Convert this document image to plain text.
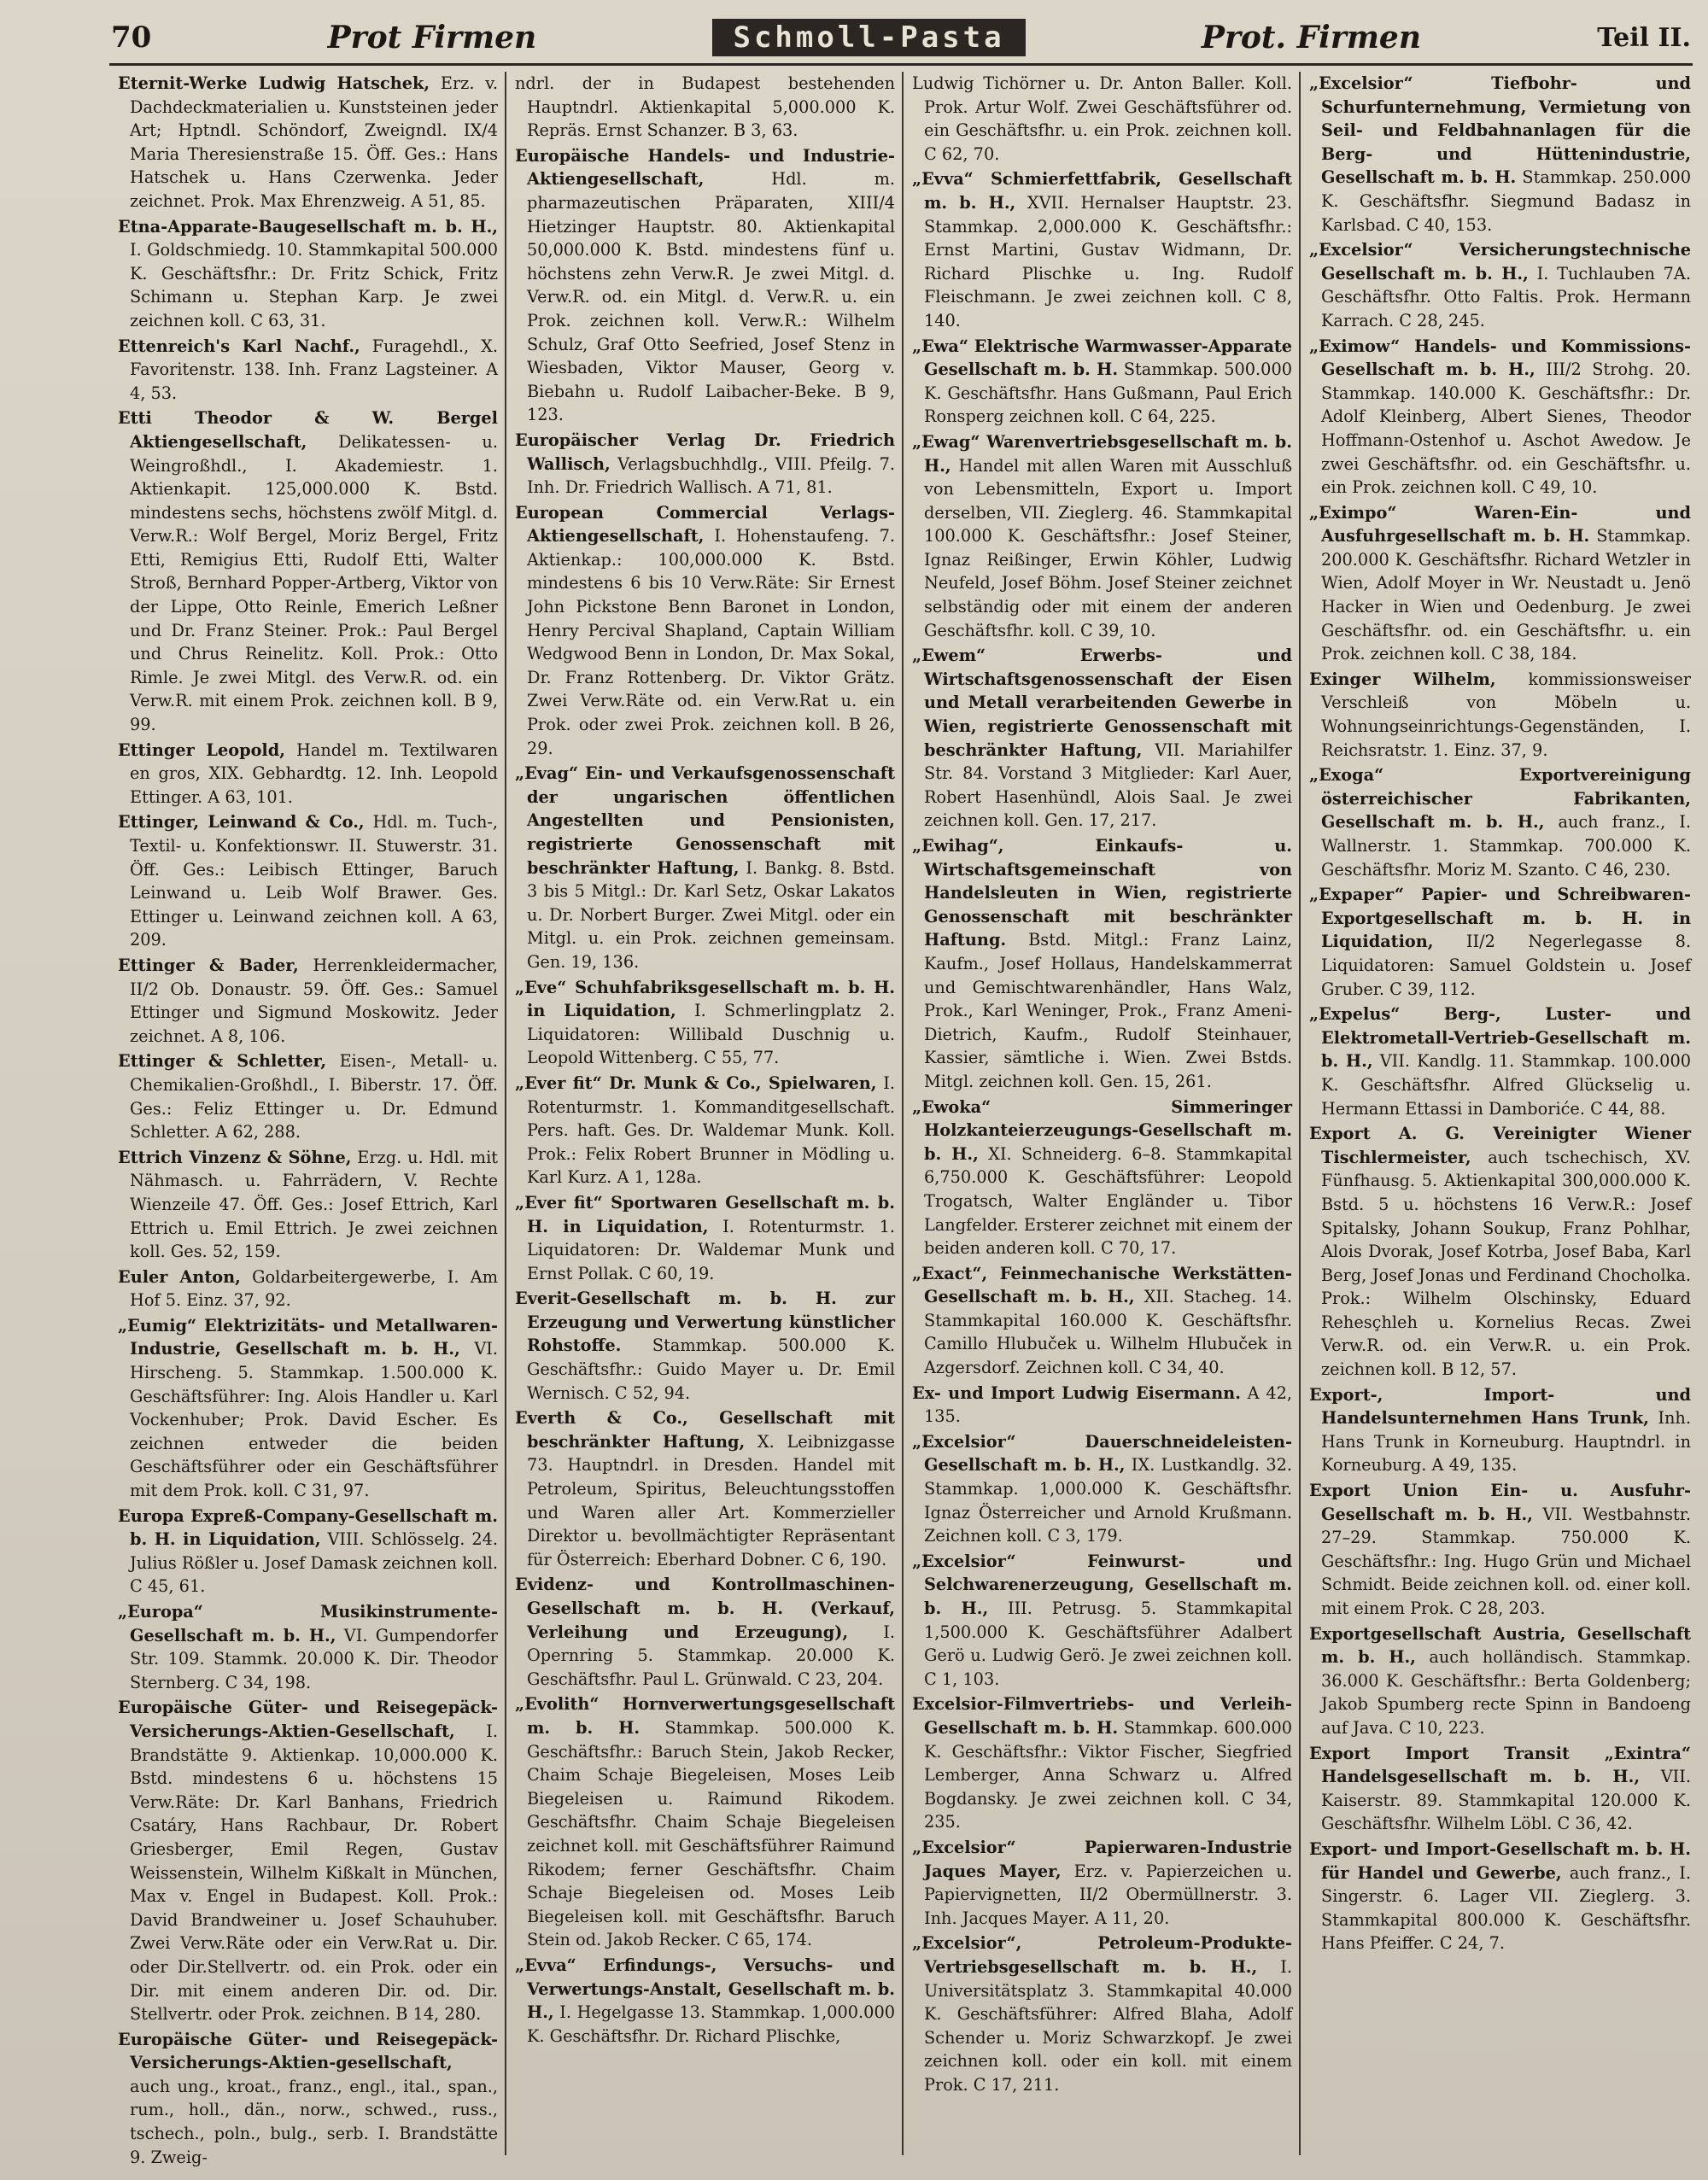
70	Prot Firmen	Schmoll-Pasta	Prot. Firmen	Teil II.

Eternit-Werke Ludwig Hatschek, Erz. v. Dachdeckmaterialien u. Kunststeinen jeder Art; Hptndl. Schöndorf, Zweigndl. IX/4 Maria Theresienstraße 15. Öff. Ges.: Hans Hatschek u. Hans Czerwenka. Jeder zeichnet. Prok. Max Ehrenzweig. A 51, 85.

Etna-Apparate-Baugesellschaft m. b. H., I. Goldschmiedg. 10. Stammkapital 500.000 K. Geschäftsfhr.: Dr. Fritz Schick, Fritz Schimann u. Stephan Karp. Je zwei zeichnen koll. C 63, 31.

Ettenreich's Karl Nachf., Furagehdl., X. Favoritenstr. 138. Inh. Franz Lagsteiner. A 4, 53.

Etti Theodor & W. Bergel Aktiengesellschaft, Delikatessen- u. Weingroßhdl., I. Akademiestr. 1. Aktienkapit. 125,000.000 K. Bstd. mindestens sechs, höchstens zwölf Mitgl. d. Verw.R.: Wolf Bergel, Moriz Bergel, Fritz Etti, Remigius Etti, Rudolf Etti, Walter Stroß, Bernhard Popper-Artberg, Viktor von der Lippe, Otto Reinle, Emerich Leßner und Dr. Franz Steiner. Prok.: Paul Bergel und Chrus Reinelitz. Koll. Prok.: Otto Rimle. Je zwei Mitgl. des Verw.R. od. ein Verw.R. mit einem Prok. zeichnen koll. B 9, 99.

Ettinger Leopold, Handel m. Textilwaren en gros, XIX. Gebhardtg. 12. Inh. Leopold Ettinger. A 63, 101.

Ettinger, Leinwand & Co., Hdl. m. Tuch-, Textil- u. Konfektionswr. II. Stuwerstr. 31. Öff. Ges.: Leibisch Ettinger, Baruch Leinwand u. Leib Wolf Brawer. Ges. Ettinger u. Leinwand zeichnen koll. A 63, 209.

Ettinger & Bader, Herrenkleidermacher, II/2 Ob. Donaustr. 59. Öff. Ges.: Samuel Ettinger und Sigmund Moskowitz. Jeder zeichnet. A 8, 106.

Ettinger & Schletter, Eisen-, Metall- u. Chemikalien-Großhdl., I. Biberstr. 17. Öff. Ges.: Feliz Ettinger u. Dr. Edmund Schletter. A 62, 288.

Ettrich Vinzenz & Söhne, Erzg. u. Hdl. mit Nähmasch. u. Fahrrädern, V. Rechte Wienzeile 47. Öff. Ges.: Josef Ettrich, Karl Ettrich u. Emil Ettrich. Je zwei zeichnen koll. Ges. 52, 159.

Euler Anton, Goldarbeitergewerbe, I. Am Hof 5. Einz. 37, 92.

„Eumig“ Elektrizitäts- und Metallwaren-Industrie, Gesellschaft m. b. H., VI. Hirscheng. 5. Stammkap. 1.500.000 K. Geschäftsführer: Ing. Alois Handler u. Karl Vockenhuber; Prok. David Escher. Es zeichnen entweder die beiden Geschäftsführer oder ein Geschäftsführer mit dem Prok. koll. C 31, 97.

Europa Expreß-Company-Gesellschaft m. b. H. in Liquidation, VIII. Schlösselg. 24. Julius Rößler u. Josef Damask zeichnen koll. C 45, 61.

„Europa“ Musikinstrumente-Gesellschaft m. b. H., VI. Gumpendorfer Str. 109. Stammk. 20.000 K. Dir. Theodor Sternberg. C 34, 198.

Europäische Güter- und Reisegepäck-Versicherungs-Aktien-Gesellschaft, I. Brandstätte 9. Aktienkap. 10,000.000 K. Bstd. mindestens 6 u. höchstens 15 Verw.Räte: Dr. Karl Banhans, Friedrich Csatáry, Hans Rachbaur, Dr. Robert Griesberger, Emil Regen, Gustav Weissenstein, Wilhelm Kißkalt in München, Max v. Engel in Budapest. Koll. Prok.: David Brandweiner u. Josef Schauhuber. Zwei Verw.Räte oder ein Verw.Rat u. Dir. oder Dir.Stellvertr. od. ein Prok. oder ein Dir. mit einem anderen Dir. od. Dir. Stellvertr. oder Prok. zeichnen. B 14, 280.

Europäische Güter- und Reisegepäck-Versicherungs-Aktien-gesellschaft, auch ung., kroat., franz., engl., ital., span., rum., holl., dän., norw., schwed., russ., tschech., poln., bulg., serb. I. Brandstätte 9. Zweig-

ndrl. der in Budapest bestehenden Hauptndrl. Aktienkapital 5,000.000 K. Repräs. Ernst Schanzer. B 3, 63.

Europäische Handels- und Industrie-Aktiengesellschaft,	Hdl. m. pharmazeutischen Präparaten, XIII/4 Hietzinger Hauptstr. 80. Aktienkapital 50,000.000 K. Bstd. mindestens fünf u. höchstens zehn Verw.R. Je zwei Mitgl. d. Verw.R. od. ein Mitgl. d. Verw.R. u. ein Prok. zeichnen koll. Verw.R.: Wilhelm Schulz, Graf Otto Seefried, Josef Stenz in Wiesbaden, Viktor Mauser, Georg v. Biebahn u. Rudolf Laibacher-Beke. B 9, 123.

Europäischer Verlag Dr. Friedrich Wallisch, Verlagsbuchhdlg., VIII. Pfeilg. 7. Inh. Dr. Friedrich Wallisch. A 71, 81.

European Commercial Verlags-Aktiengesellschaft, I. Hohenstaufeng. 7. Aktienkap.: 100,000.000 K. Bstd. mindestens 6 bis 10 Verw.Räte: Sir Ernest John Pickstone Benn Baronet in London, Henry Percival Shapland, Captain William Wedgwood Benn in London, Dr. Max Sokal, Dr. Franz Rottenberg. Dr. Viktor Grätz. Zwei Verw.Räte od. ein Verw.Rat u. ein Prok. oder zwei Prok. zeichnen koll. B 26, 29.

„Evag“ Ein- und Verkaufsgenossenschaft der ungarischen öffentlichen Angestellten und Pensionisten, registrierte Genossenschaft mit beschränkter Haftung, I. Bankg. 8. Bstd. 3 bis 5 Mitgl.: Dr. Karl Setz, Oskar Lakatos u. Dr. Norbert Burger. Zwei Mitgl. oder ein Mitgl. u. ein Prok. zeichnen gemeinsam. Gen. 19, 136.

„Eve“ Schuhfabriksgesellschaft m. b. H. in Liquidation, I. Schmerlingplatz 2. Liquidatoren: Willibald Duschnig u. Leopold Wittenberg. C 55, 77.

„Ever fit“ Dr. Munk & Co., Spielwaren, I. Rotenturmstr. 1. Kommanditgesellschaft. Pers. haft. Ges. Dr. Waldemar Munk. Koll. Prok.: Felix Robert Brunner in Mödling u. Karl Kurz. A 1, 128a.

„Ever fit“ Sportwaren Gesellschaft m. b. H. in Liquidation, I. Rotenturmstr. 1. Liquidatoren: Dr. Waldemar Munk und Ernst Pollak. C 60, 19.

Everit-Gesellschaft m. b. H. zur Erzeugung und Verwertung künstlicher Rohstoffe. Stammkap. 500.000 K. Geschäftsfhr.: Guido Mayer u. Dr. Emil Wernisch. C 52, 94.

Everth & Co., Gesellschaft mit beschränkter Haftung, X. Leibnizgasse 73. Hauptndrl. in Dresden. Handel mit Petroleum, Spiritus, Beleuchtungsstoffen und Waren aller Art. Kommerzieller Direktor u. bevollmächtigter Repräsentant für Österreich: Eberhard Dobner. C 6, 190.

Evidenz- und Kontrollmaschinen-Gesellschaft m. b. H. (Verkauf, Verleihung und Erzeugung), I. Opernring 5. Stammkap. 20.000 K. Geschäftsfhr. Paul L. Grünwald. C 23, 204.

„Evolith“ Hornverwertungsgesellschaft m. b. H. Stammkap. 500.000 K. Geschäftsfhr.: Baruch Stein, Jakob Recker, Chaim Schaje Biegeleisen, Moses Leib Biegeleisen u. Raimund Rikodem. Geschäftsfhr. Chaim Schaje Biegeleisen zeichnet koll. mit Geschäftsführer Raimund Rikodem; ferner Geschäftsfhr. Chaim Schaje Biegeleisen od. Moses Leib Biegeleisen koll. mit Geschäftsfhr. Baruch Stein od. Jakob Recker. C 65, 174.

„Evva“ Erfindungs-, Versuchs- und Verwertungs-Anstalt, Gesellschaft m. b. H., I. Hegelgasse 13. Stammkap. 1,000.000 K. Geschäftsfhr. Dr. Richard Plischke,

Ludwig Tichörner u. Dr. Anton Baller. Koll. Prok. Artur Wolf. Zwei Geschäftsführer od. ein Geschäftsfhr. u. ein Prok. zeichnen koll. C 62, 70.

„Evva“ Schmierfettfabrik, Gesellschaft m. b. H., XVII. Hernalser Hauptstr. 23. Stammkap. 2,000.000 K. Geschäftsfhr.: Ernst Martini, Gustav Widmann, Dr. Richard Plischke u. Ing. Rudolf Fleischmann. Je zwei zeichnen koll. C 8, 140.

„Ewa“ Elektrische Warmwasser-Apparate Gesellschaft m. b. H. Stammkap. 500.000 K. Geschäftsfhr. Hans Gußmann, Paul Erich Ronsperg zeichnen koll. C 64, 225.

„Ewag“ Warenvertriebsgesellschaft m. b. H., Handel mit allen Waren mit Ausschluß von Lebensmitteln, Export u. Import derselben, VII. Zieglerg. 46. Stammkapital 100.000 K. Geschäftsfhr.: Josef Steiner, Ignaz Reißinger, Erwin Köhler, Ludwig Neufeld, Josef Böhm. Josef Steiner zeichnet selbständig oder mit einem der anderen Geschäftsfhr. koll. C 39, 10.

„Ewem“ Erwerbs- und Wirtschaftsgenossenschaft der Eisen und Metall verarbeitenden Gewerbe in Wien, registrierte Genossenschaft mit beschränkter Haftung, VII. Mariahilfer Str. 84. Vorstand 3 Mitglieder: Karl Auer, Robert Hasenhündl, Alois Saal. Je zwei zeichnen koll. Gen. 17, 217.

„Ewihag“, Einkaufs- u. Wirtschaftsgemeinschaft von Handelsleuten in Wien, registrierte Genossenschaft mit beschränkter Haftung. Bstd. Mitgl.: Franz Lainz, Kaufm., Josef Hollaus, Handelskammerrat und Gemischtwarenhändler, Hans Walz, Prok., Karl Weninger, Prok., Franz Ameni-Dietrich, Kaufm., Rudolf Steinhauer, Kassier, sämtliche i. Wien. Zwei Bstds. Mitgl. zeichnen koll. Gen. 15, 261.

„Ewoka“ Simmeringer Holzkanteierzeugungs-Gesellschaft m. b. H., XI. Schneiderg. 6–8. Stammkapital 6,750.000 K. Geschäftsführer: Leopold Trogatsch, Walter Engländer u. Tibor Langfelder. Ersterer zeichnet mit einem der beiden anderen koll. C 70, 17.

„Exact“, Feinmechanische Werkstätten-Gesellschaft m. b. H., XII. Stacheg. 14. Stammkapital 160.000 K. Geschäftsfhr. Camillo Hlubuček u. Wilhelm Hlubuček in Azgersdorf. Zeichnen koll. C 34, 40.

Ex- und Import Ludwig Eisermann. A 42, 135.

„Excelsior“ Dauerschneideleisten-Gesellschaft m. b. H., IX. Lustkandlg. 32. Stammkap. 1,000.000 K. Geschäftsfhr. Ignaz Österreicher und Arnold Krußmann. Zeichnen koll. C 3, 179.

„Excelsior“ Feinwurst- und Selchwarenerzeugung, Gesellschaft m. b. H., III. Petrusg. 5. Stammkapital 1,500.000 K. Geschäftsführer Adalbert Gerö u. Ludwig Gerö. Je zwei zeichnen koll. C 1, 103.

Excelsior-Filmvertriebs- und Verleih-Gesellschaft m. b. H. Stammkap. 600.000 K. Geschäftsfhr.: Viktor Fischer, Siegfried Lemberger, Anna Schwarz u. Alfred Bogdansky. Je zwei zeichnen koll. C 34, 235.

„Excelsior“ Papierwaren-Industrie Jaques Mayer, Erz. v. Papierzeichen u. Papiervignetten, II/2 Obermüllnerstr. 3. Inh. Jacques Mayer. A 11, 20.

„Excelsior“, Petroleum-Produkte-Vertriebsgesellschaft m. b. H., I. Universitätsplatz 3. Stammkapital 40.000 K. Geschäftsführer: Alfred Blaha, Adolf Schender u. Moriz Schwarzkopf. Je zwei zeichnen koll. oder ein koll. mit einem Prok. C 17, 211.

„Excelsior“ Tiefbohr- und Schurfunternehmung, Vermietung von Seil- und Feldbahnanlagen für die Berg- und Hüttenindustrie, Gesellschaft m. b. H. Stammkap. 250.000 K. Geschäftsfhr. Siegmund Badasz in Karlsbad. C 40, 153.

„Excelsior“ Versicherungstechnische Gesellschaft m. b. H., I. Tuchlauben 7A. Geschäftsfhr. Otto Faltis. Prok. Hermann Karrach. C 28, 245.

„Eximow“ Handels- und Kommissions-Gesellschaft m. b. H., III/2 Strohg. 20. Stammkap. 140.000 K. Geschäftsfhr.: Dr. Adolf Kleinberg, Albert Sienes, Theodor Hoffmann-Ostenhof u. Aschot Awedow. Je zwei Geschäftsfhr. od. ein Geschäftsfhr. u. ein Prok. zeichnen koll. C 49, 10.

„Eximpo“ Waren-Ein- und Ausfuhrgesellschaft m. b. H. Stammkap. 200.000 K. Geschäftsfhr. Richard Wetzler in Wien, Adolf Moyer in Wr. Neustadt u. Jenö Hacker in Wien und Oedenburg. Je zwei Geschäftsfhr. od. ein Geschäftsfhr. u. ein Prok. zeichnen koll. C 38, 184.

Exinger Wilhelm, kommissionsweiser Verschleiß von Möbeln u. Wohnungseinrichtungs-Gegenständen, I. Reichsratstr. 1. Einz. 37, 9.

„Exoga“ Exportvereinigung österreichischer Fabrikanten, Gesellschaft m. b. H., auch franz., I. Wallnerstr. 1. Stammkap. 700.000 K. Geschäftsfhr. Moriz M. Szanto. C 46, 230.

„Expaper“ Papier- und Schreibwaren-Exportgesellschaft m. b. H. in Liquidation, II/2 Negerlegasse 8. Liquidatoren: Samuel Goldstein u. Josef Gruber. C 39, 112.

„Expelus“ Berg-, Luster- und Elektrometall-Vertrieb-Gesellschaft m. b. H., VII. Kandlg. 11. Stammkap. 100.000 K. Geschäftsfhr. Alfred Glückselig u. Hermann Ettassi in Damboriće. C 44, 88.

Export A. G. Vereinigter Wiener Tischlermeister, auch tschechisch, XV. Fünfhausg. 5. Aktienkapital 300,000.000 K. Bstd. 5 u. höchstens 16 Verw.R.: Josef Spitalsky, Johann Soukup, Franz Pohlhar, Alois Dvorak, Josef Kotrba, Josef Baba, Karl Berg, Josef Jonas und Ferdinand Chocholka. Prok.: Wilhelm Olschinsky, Eduard Rehesçhleh u. Kornelius Recas. Zwei Verw.R. od. ein Verw.R. u. ein Prok. zeichnen koll. B 12, 57.

Export-, Import- und Handelsunternehmen Hans Trunk, Inh. Hans Trunk in Korneuburg. Hauptndrl. in Korneuburg. A 49, 135.

Export Union Ein- u. Ausfuhr-Gesellschaft m. b. H., VII. Westbahnstr. 27–29. Stammkap. 750.000 K. Geschäftsfhr.: Ing. Hugo Grün und Michael Schmidt. Beide zeichnen koll. od. einer koll. mit einem Prok. C 28, 203.

Exportgesellschaft Austria, Gesellschaft m. b. H., auch holländisch. Stammkap. 36.000 K. Geschäftsfhr.: Berta Goldenberg; Jakob Spumberg recte Spinn in Bandoeng auf Java. C 10, 223.

Export Import Transit „Exintra“ Handelsgesellschaft m. b. H., VII. Kaiserstr. 89. Stammkapital 120.000 K. Geschäftsfhr. Wilhelm Löbl. C 36, 42.

Export- und Import-Gesellschaft m. b. H. für Handel und Gewerbe, auch franz., I. Singerstr. 6. Lager VII. Zieglerg. 3. Stammkapital 800.000 K. Geschäftsfhr. Hans Pfeiffer. C 24, 7.
